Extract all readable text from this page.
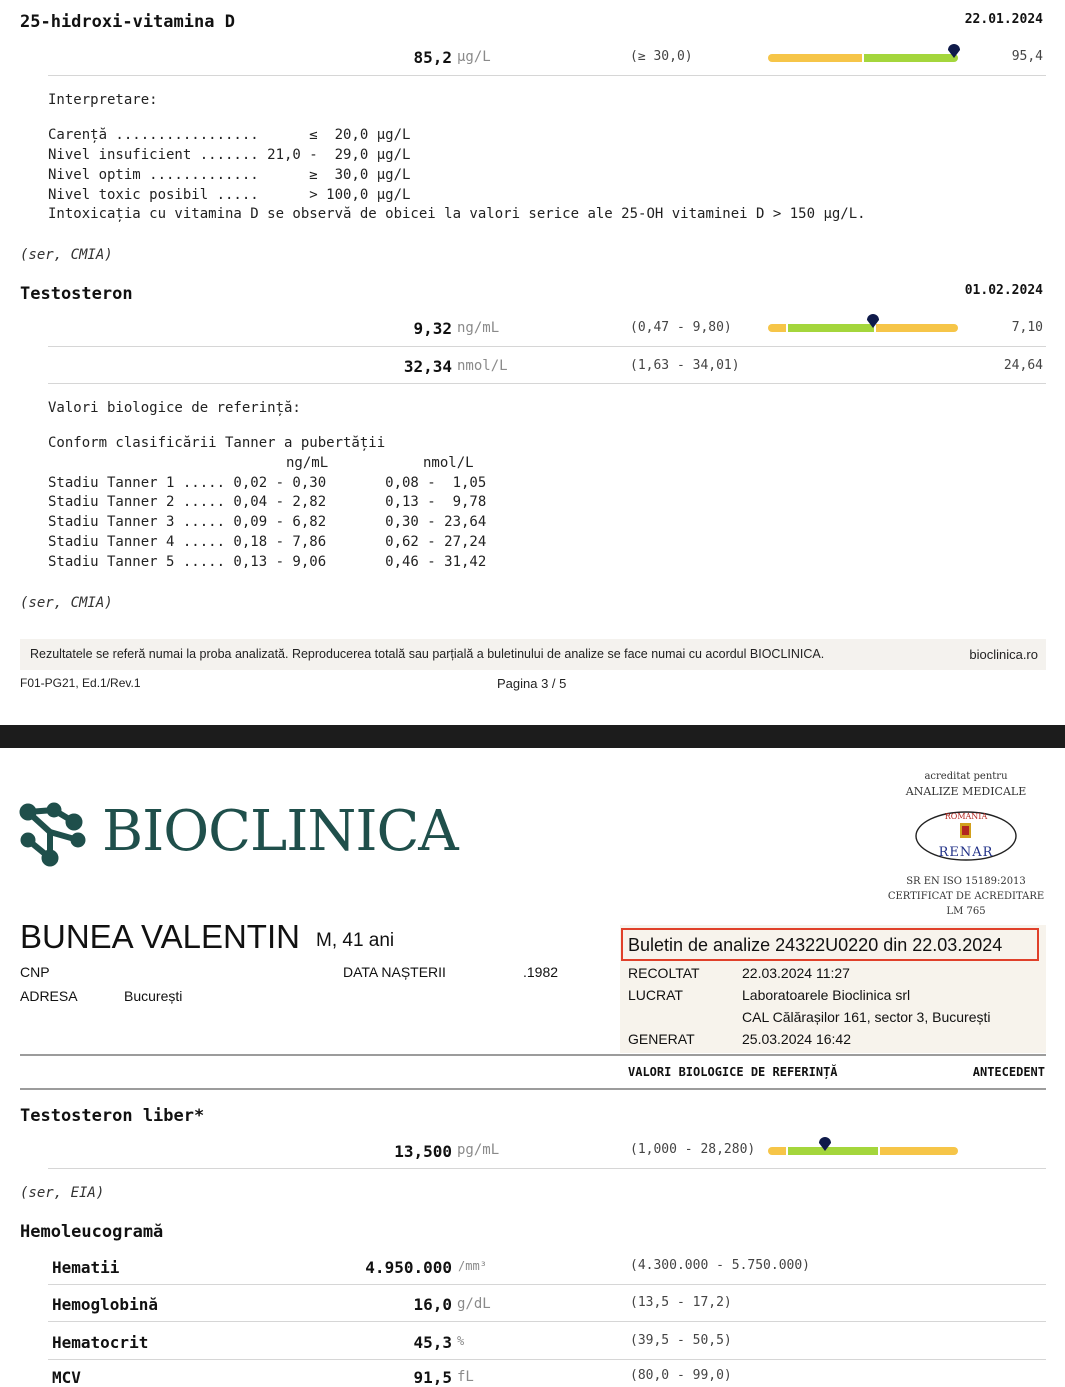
25-hidroxi-vitamina D	22.01.2024
85,2 µg/L	(≥ 30,0)	95,4
Interpretare:
Carență .................      ≤  20,0 µg/L
Nivel insuficient ....... 21,0 -  29,0 µg/L
Nivel optim .............      ≥  30,0 µg/L
Nivel toxic posibil .....      > 100,0 µg/L
Intoxicația cu vitamina D se observă de obicei la valori serice ale 25-OH vitaminei D > 150 µg/L.
(ser, CMIA)
Testosteron	01.02.2024
9,32 ng/mL	(0,47 - 9,80)	7,10
32,34 nmol/L	(1,63 - 34,01)	24,64
Valori biologice de referință:
Conform clasificării Tanner a pubertății
ng/mL	nmol/L
Stadiu Tanner 1 ..... 0,02 - 0,30       0,08 -  1,05
Stadiu Tanner 2 ..... 0,04 - 2,82       0,13 -  9,78
Stadiu Tanner 3 ..... 0,09 - 6,82       0,30 - 23,64
Stadiu Tanner 4 ..... 0,18 - 7,86       0,62 - 27,24
Stadiu Tanner 5 ..... 0,13 - 9,06       0,46 - 31,42
(ser, CMIA)
Rezultatele se referă numai la proba analizată. Reproducerea totală sau parțială a buletinului de analize se face numai cu acordul BIOCLINICA.	bioclinica.ro
F01-PG21, Ed.1/Rev.1	Pagina 3 / 5
BIOCLINICA
acreditat pentru
ANALIZE MEDICALE
ROMANIA
RENAR
SR EN ISO 15189:2013
CERTIFICAT DE ACREDITARE
LM 765
BUNEA VALENTIN M, 41 ani
CNP	DATA NAȘTERII	.1982
ADRESA	București
Buletin de analize 24322U0220 din 22.03.2024
RECOLTAT	22.03.2024 11:27
LUCRAT	Laboratoarele Bioclinica srl
CAL Călărașilor 161, sector 3, București
GENERAT	25.03.2024 16:42
VALORI BIOLOGICE DE REFERINȚĂ	ANTECEDENT
Testosteron liber*
13,500 pg/mL	(1,000 - 28,280)
(ser, EIA)
Hemoleucogramă
Hematii	4.950.000 /mm³	(4.300.000 - 5.750.000)
Hemoglobină	16,0 g/dL	(13,5 - 17,2)
Hematocrit	45,3 %	(39,5 - 50,5)
MCV	91,5 fL	(80,0 - 99,0)
